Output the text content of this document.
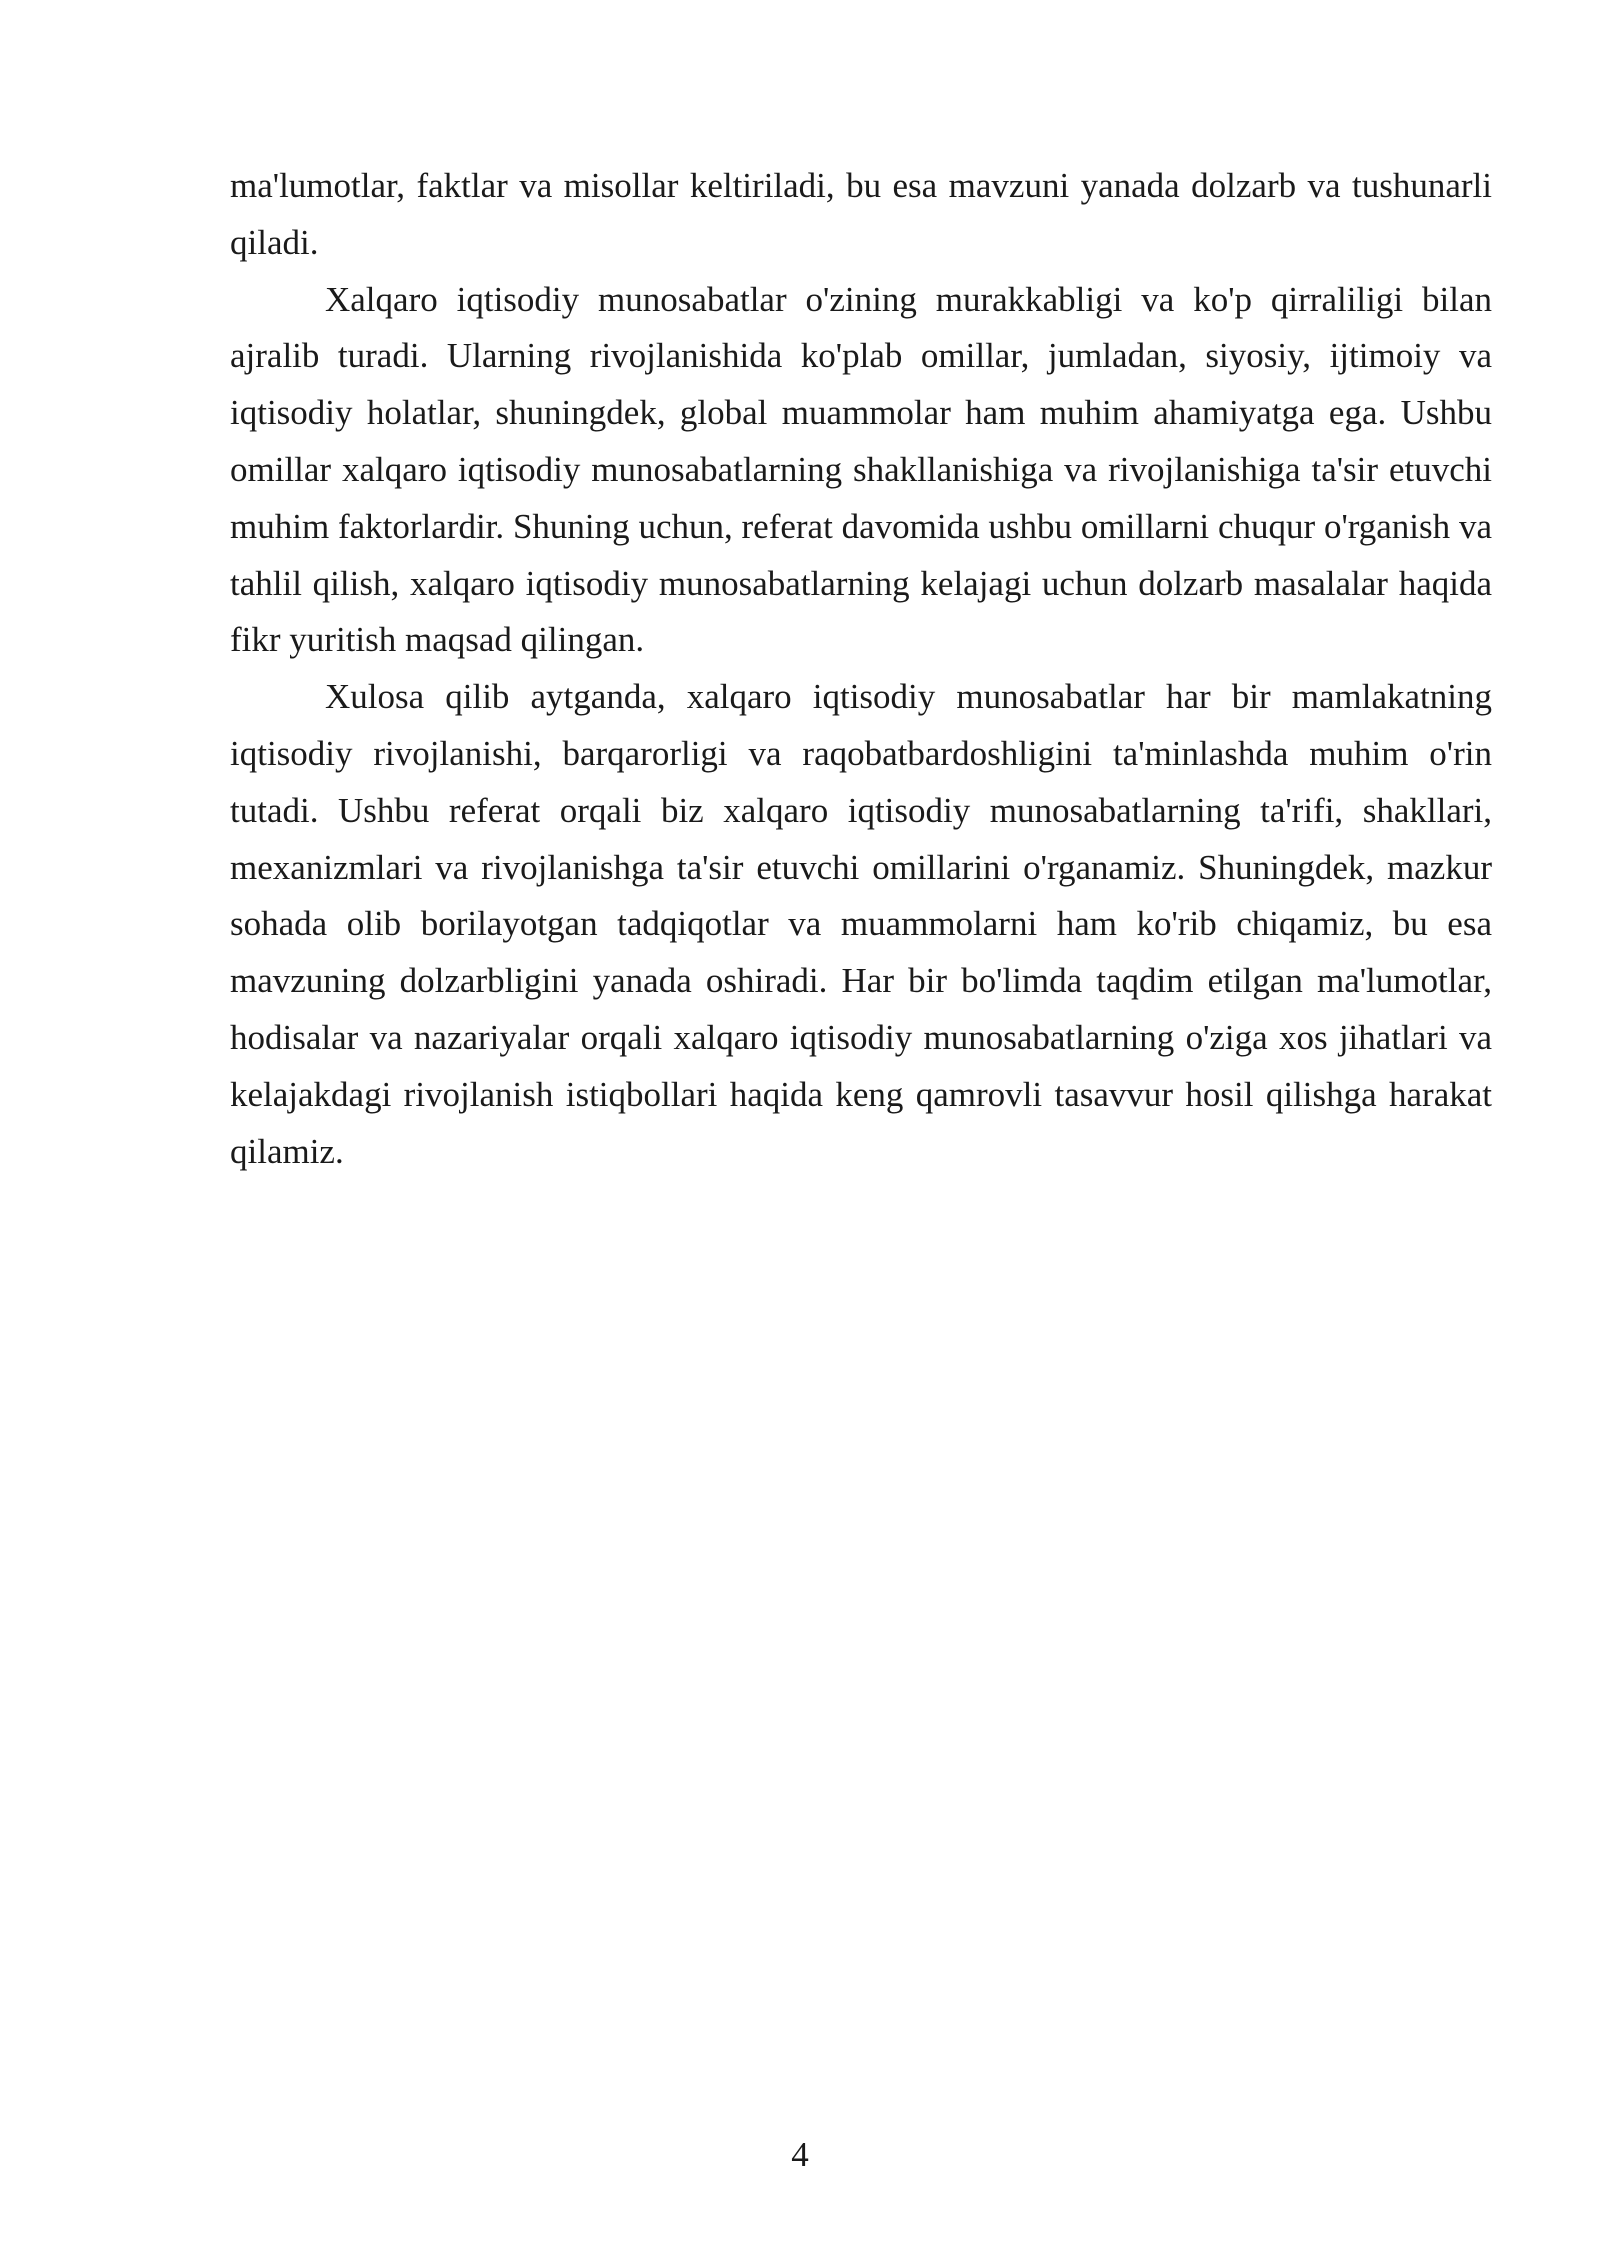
ma'lumotlar, faktlar va misollar keltiriladi, bu esa mavzuni yanada dolzarb va tushunarli qiladi.

Xalqaro iqtisodiy munosabatlar o'zining murakkabligi va ko'p qirraliligi bilan ajralib turadi. Ularning rivojlanishida ko'plab omillar, jumladan, siyosiy, ijtimoiy va iqtisodiy holatlar, shuningdek, global muammolar ham muhim ahamiyatga ega. Ushbu omillar xalqaro iqtisodiy munosabatlarning shakllanishiga va rivojlanishiga ta'sir etuvchi muhim faktorlardir. Shuning uchun, referat davomida ushbu omillarni chuqur o'rganish va tahlil qilish, xalqaro iqtisodiy munosabatlarning kelajagi uchun dolzarb masalalar haqida fikr yuritish maqsad qilingan.

Xulosa qilib aytganda, xalqaro iqtisodiy munosabatlar har bir mamlakatning iqtisodiy rivojlanishi, barqarorligi va raqobatbardoshligini ta'minlashda muhim o'rin tutadi. Ushbu referat orqali biz xalqaro iqtisodiy munosabatlarning ta'rifi, shakllari, mexanizmlari va rivojlanishga ta'sir etuvchi omillarini o'rganamiz. Shuningdek, mazkur sohada olib borilayotgan tadqiqotlar va muammolarni ham ko'rib chiqamiz, bu esa mavzuning dolzarbligini yanada oshiradi. Har bir bo'limda taqdim etilgan ma'lumotlar, hodisalar va nazariyalar orqali xalqaro iqtisodiy munosabatlarning o'ziga xos jihatlari va kelajakdagi rivojlanish istiqbollari haqida keng qamrovli tasavvur hosil qilishga harakat qilamiz.

4
